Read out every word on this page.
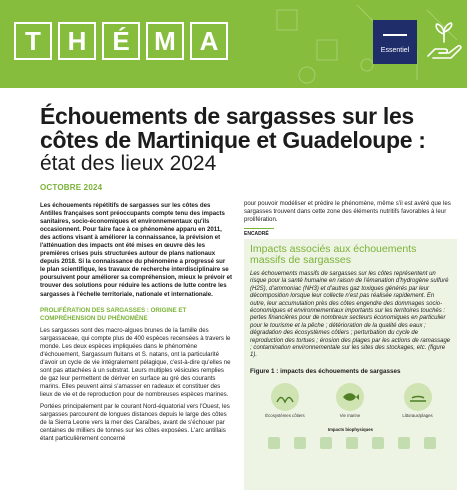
T	H É M A	Essentiel
Échouements de sargasses sur les côtes de Martinique et Guadeloupe :
état des lieux 2024
OCTOBRE 2024

Les échouements répétitifs de sargasses sur les côtes des Antilles françaises sont préoccupants compte tenu des impacts sanitaires, socio-économiques et environnementaux qu'ils occasionnent. Pour faire face à ce phénomène apparu en 2011, des actions visant à améliorer la connaissance, la prévision et l'atténuation des impacts ont été mises en œuvre dès les premières crises puis structurées autour de plans nationaux depuis 2018. Si la connaissance du phénomène a progressé sur le plan scientifique, les travaux de recherche interdisciplinaire se poursuivent pour améliorer sa compréhension, mieux le prévoir et trouver des solutions pour réduire les actions de lutte contre les sargasses à l'échelle territoriale, nationale et internationale.

PROLIFÉRATION DES SARGASSES : ORIGINE ET COMPRÉHENSION DU PHÉNOMÈNE

Les sargasses sont des macro-algues brunes de la famille des sargassaceae, qui compte plus de 400 espèces recensées à travers le monde. Les deux espèces impliquées dans le phénomène d'échouement, Sargassum fluitans et S. natans, ont la particularité d'avoir un cycle de vie intégralement pélagique, c'est-à-dire qu'elles ne sont pas attachées à un substrat. Leurs multiples vésicules remplies de gaz leur permettent de dériver en surface au gré des courants marins. Elles peuvent ainsi s'amasser en radeaux et constituer des lieux de vie et de reproduction pour de nombreuses espèces marines.

Portées principalement par le courant Nord-équatorial vers l'Ouest, les sargasses parcourent de longues distances depuis le large des côtes de la Sierra Leone vers la mer des Caraïbes, avant de s'échouer par centaines de milliers de tonnes sur les côtes exposées. L'arc antillais étant particulièrement concerné

pour pouvoir modéliser et prédire le phénomène, même s'il est avéré que les sargasses trouvent dans cette zone des éléments nutritifs favorables à leur prolifération.

ENCADRÉ
Impacts associés aux échouements massifs de sargasses

Les échouements massifs de sargasses sur les côtes représentent un risque pour la santé humaine en raison de l'émanation d'hydrogène sulfuré (H2S), d'ammoniac (NH3) et d'autres gaz toxiques générés par leur décomposition lorsque leur collecte n'est pas réalisée rapidement. En outre, leur accumulation près des côtes engendre des dommages socio-économiques et environnementaux importants sur les territoires touchés : pertes financières pour de nombreux secteurs économiques en particulier pour le tourisme et la pêche ; détérioration de la qualité des eaux ; dégradation des écosystèmes côtiers ; perturbation du cycle de reproduction des tortues ; érosion des plages par les actions de ramassage ; contamination environnementale sur les sites des stockages, etc. (figure 1).

Figure 1 : impacts des échouements de sargasses

Écosystèmes côtiers	Vie marine	Littoraux/plages
Impacts biophysiques
